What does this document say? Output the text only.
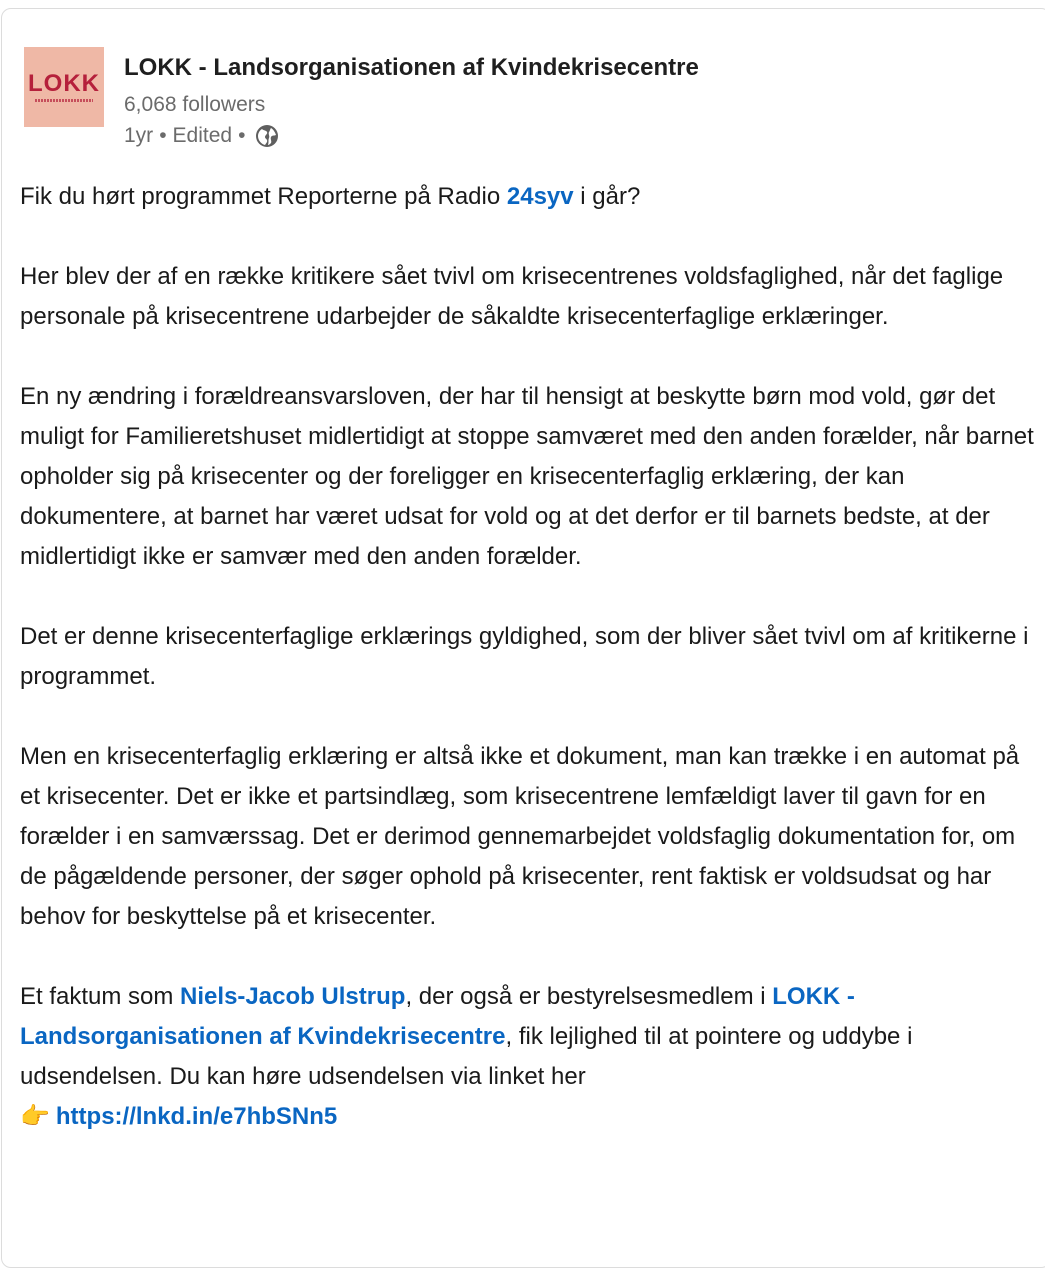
LOKK
LOKK - Landsorganisationen af Kvindekrisecentre
6,068 followers
1yr • Edited •

Fik du hørt programmet Reporterne på Radio 24syv i går?

Her blev der af en række kritikere sået tvivl om krisecentrenes voldsfaglighed, når det faglige personale på krisecentrene udarbejder de såkaldte krisecenterfaglige erklæringer.

En ny ændring i forældreansvarsloven, der har til hensigt at beskytte børn mod vold, gør det muligt for Familieretshuset midlertidigt at stoppe samværet med den anden forælder, når barnet opholder sig på krisecenter og der foreligger en krisecenterfaglig erklæring, der kan dokumentere, at barnet har været udsat for vold og at det derfor er til barnets bedste, at der midlertidigt ikke er samvær med den anden forælder.

Det er denne krisecenterfaglige erklærings gyldighed, som der bliver sået tvivl om af kritikerne i programmet.

Men en krisecenterfaglig erklæring er altså ikke et dokument, man kan trække i en automat på et krisecenter. Det er ikke et partsindlæg, som krisecentrene lemfældigt laver til gavn for en forælder i en samværssag. Det er derimod gennemarbejdet voldsfaglig dokumentation for, om de pågældende personer, der søger ophold på krisecenter, rent faktisk er voldsudsat og har behov for beskyttelse på et krisecenter.

Et faktum som Niels-Jacob Ulstrup, der også er bestyrelsesmedlem i LOKK - Landsorganisationen af Kvindekrisecentre, fik lejlighed til at pointere og uddybe i udsendelsen. Du kan høre udsendelsen via linket her
👉 https://lnkd.in/e7hbSNn5
